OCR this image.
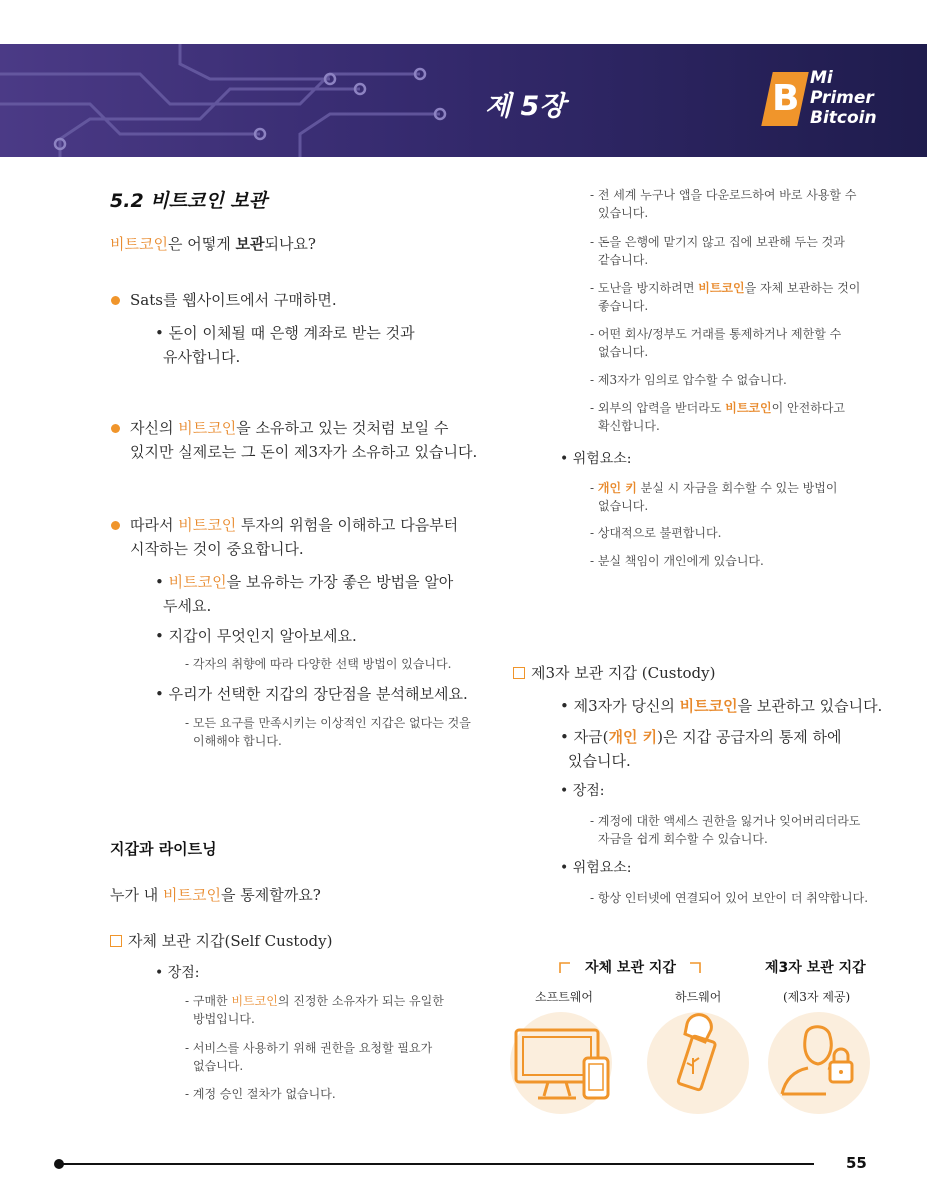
제 5장	B Mi
Primer
Bitcoin
5.2 비트코인 보관
비트코인은 어떻게 보관되나요?
Sats를 웹사이트에서 구매하면.
• 돈이 이체될 때 은행 계좌로 받는 것과
유사합니다.
자신의 비트코인을 소유하고 있는 것처럼 보일 수
있지만 실제로는 그 돈이 제3자가 소유하고 있습니다.
따라서 비트코인 투자의 위험을 이해하고 다음부터
시작하는 것이 중요합니다.
• 비트코인을 보유하는 가장 좋은 방법을 알아
두세요.
• 지갑이 무엇인지 알아보세요.
- 각자의 취향에 따라 다양한 선택 방법이 있습니다.
• 우리가 선택한 지갑의 장단점을 분석해보세요.
- 모든 요구를 만족시키는 이상적인 지갑은 없다는 것을
이해해야 합니다.
지갑과 라이트닝
누가 내 비트코인을 통제할까요?
자체 보관 지갑(Self Custody)
• 장점:
- 구매한 비트코인의 진정한 소유자가 되는 유일한
방법입니다.
- 서비스를 사용하기 위해 권한을 요청할 필요가
없습니다.
- 계정 승인 절차가 없습니다.
- 전 세계 누구나 앱을 다운로드하여 바로 사용할 수
있습니다.
- 돈을 은행에 맡기지 않고 집에 보관해 두는 것과
같습니다.
- 도난을 방지하려면 비트코인을 자체 보관하는 것이
좋습니다.
- 어떤 회사/정부도 거래를 통제하거나 제한할 수
없습니다.
- 제3자가 임의로 압수할 수 없습니다.
- 외부의 압력을 받더라도 비트코인이 안전하다고
확신합니다.
• 위험요소:
- 개인 키 분실 시 자금을 회수할 수 있는 방법이
없습니다.
- 상대적으로 불편합니다.
- 분실 책임이 개인에게 있습니다.
제3자 보관 지갑 (Custody)
• 제3자가 당신의 비트코인을 보관하고 있습니다.
• 자금(개인 키)은 지갑 공급자의 통제 하에
있습니다.
• 장점:
- 계정에 대한 액세스 권한을 잃거나 잊어버리더라도
자금을 쉽게 회수할 수 있습니다.
• 위험요소:
- 항상 인터넷에 연결되어 있어 보안이 더 취약합니다.
자체 보관 지갑	제3자 보관 지갑
소프트웨어	하드웨어	(제3자 제공)
55
